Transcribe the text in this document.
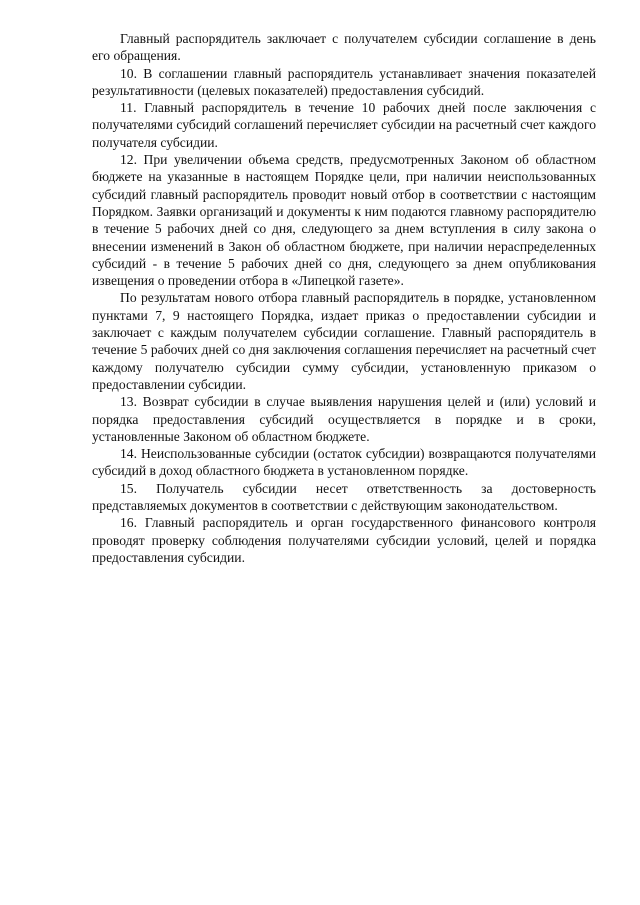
Главный распорядитель заключает с получателем субсидии соглашение в день его обращения.

10. В соглашении главный распорядитель устанавливает значения показателей результативности (целевых показателей) предоставления субсидий.

11. Главный распорядитель в течение 10 рабочих дней после заключения с получателями субсидий соглашений перечисляет субсидии на расчетный счет каждого получателя субсидии.

12. При увеличении объема средств, предусмотренных Законом об областном бюджете на указанные в настоящем Порядке цели, при наличии неиспользованных субсидий главный распорядитель проводит новый отбор в соответствии с настоящим Порядком. Заявки организаций и документы к ним подаются главному распорядителю в течение 5 рабочих дней со дня, следующего за днем вступления в силу закона о внесении изменений в Закон об областном бюджете, при наличии нераспределенных субсидий - в течение 5 рабочих дней со дня, следующего за днем опубликования извещения о проведении отбора в «Липецкой газете».

По результатам нового отбора главный распорядитель в порядке, установленном пунктами 7, 9 настоящего Порядка, издает приказ о предоставлении субсидии и заключает с каждым получателем субсидии соглашение. Главный распорядитель в течение 5 рабочих дней со дня заключения соглашения перечисляет на расчетный счет каждому получателю субсидии сумму субсидии, установленную приказом о предоставлении субсидии.

13. Возврат субсидии в случае выявления нарушения целей и (или) условий и порядка предоставления субсидий осуществляется в порядке и в сроки, установленные Законом об областном бюджете.

14. Неиспользованные субсидии (остаток субсидии) возвращаются получателями субсидий в доход областного бюджета в установленном порядке.

15. Получатель субсидии несет ответственность за достоверность представляемых документов в соответствии с действующим законодательством.

16. Главный распорядитель и орган государственного финансового контроля проводят проверку соблюдения получателями субсидии условий, целей и порядка предоставления субсидии.
